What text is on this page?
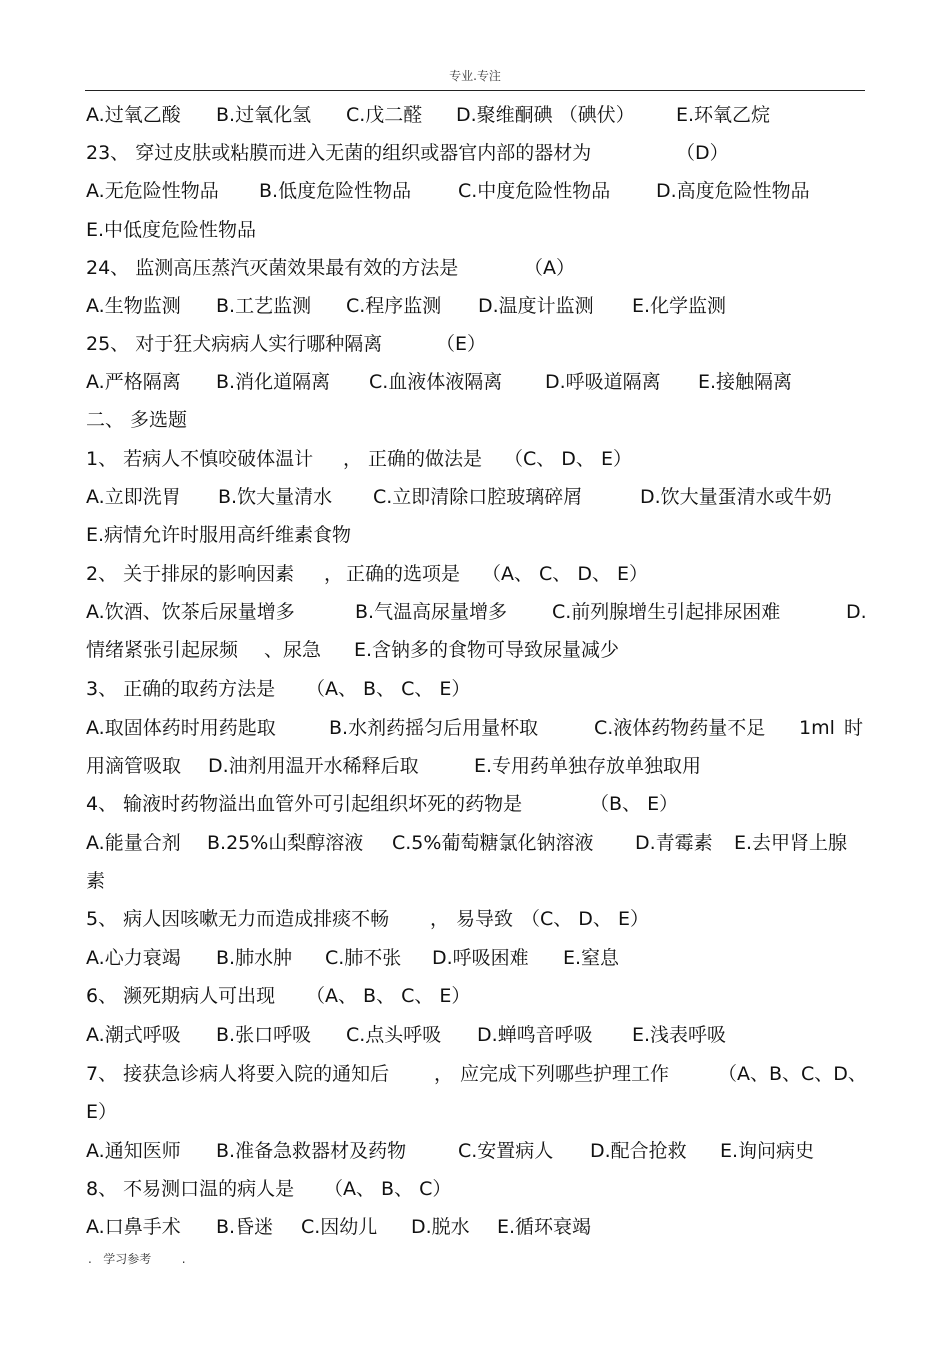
专业.专注
A.过氧乙酸 B.过氧化氢 C.戊二醛 D.聚维酮碘 （碘伏） E.环氧乙烷
23、 穿过皮肤或粘膜而进入无菌的组织或器官内部的器材为	（D）
A.无危险性物品 B.低度危险性物品 C.中度危险性物品 D.高度危险性物品
E.中低度危险性物品
24、 监测高压蒸汽灭菌效果最有效的方法是	（A）
A.生物监测 B.工艺监测 C.程序监测 D.温度计监测 E.化学监测
25、 对于狂犬病病人实行哪种隔离	（E）
A.严格隔离 B.消化道隔离 C.血液体液隔离 D.呼吸道隔离 E.接触隔离
二、 多选题
1、 若病人不慎咬破体温计 ， 正确的做法是 （C、 D、 E）
A.立即洗胃 B.饮大量清水 C.立即清除口腔玻璃碎屑	D.饮大量蛋清水或牛奶
E.病情允许时服用高纤维素食物
2、 关于排尿的影响因素 ， 正确的选项是 （A、 C、 D、 E）
A.饮酒、饮茶后尿量增多	B.气温高尿量增多 C.前列腺增生引起排尿困难	D.
情绪紧张引起尿频 、尿急 E.含钠多的食物可导致尿量减少
3、 正确的取药方法是 （A、 B、 C、 E）
A.取固体药时用药匙取	B.水剂药摇匀后用量杯取	C.液体药物药量不足 1ml 时
用滴管吸取 D.油剂用温开水稀释后取	E.专用药单独存放单独取用
4、 输液时药物溢出血管外可引起组织坏死的药物是	（B、 E）
A.能量合剂 B.25%山梨醇溶液 C.5%葡萄糖氯化钠溶液 D.青霉素 E.去甲肾上腺
素
5、 病人因咳嗽无力而造成排痰不畅 ， 易导致 （C、 D、 E）
A.心力衰竭 B.肺水肿 C.肺不张 D.呼吸困难 E.窒息
6、 濒死期病人可出现 （A、 B、 C、 E）
A.潮式呼吸 B.张口呼吸 C.点头呼吸 D.蝉鸣音呼吸 E.浅表呼吸
7、 接获急诊病人将要入院的通知后 ， 应完成下列哪些护理工作	（A、B、C、D、
E）
A.通知医师 B.准备急救器材及药物	C.安置病人 D.配合抢救 E.询问病史
8、 不易测口温的病人是 （A、 B、 C）
A.口鼻手术 B.昏迷 C.因幼儿 D.脱水 E.循环衰竭
.   学习参考        .
